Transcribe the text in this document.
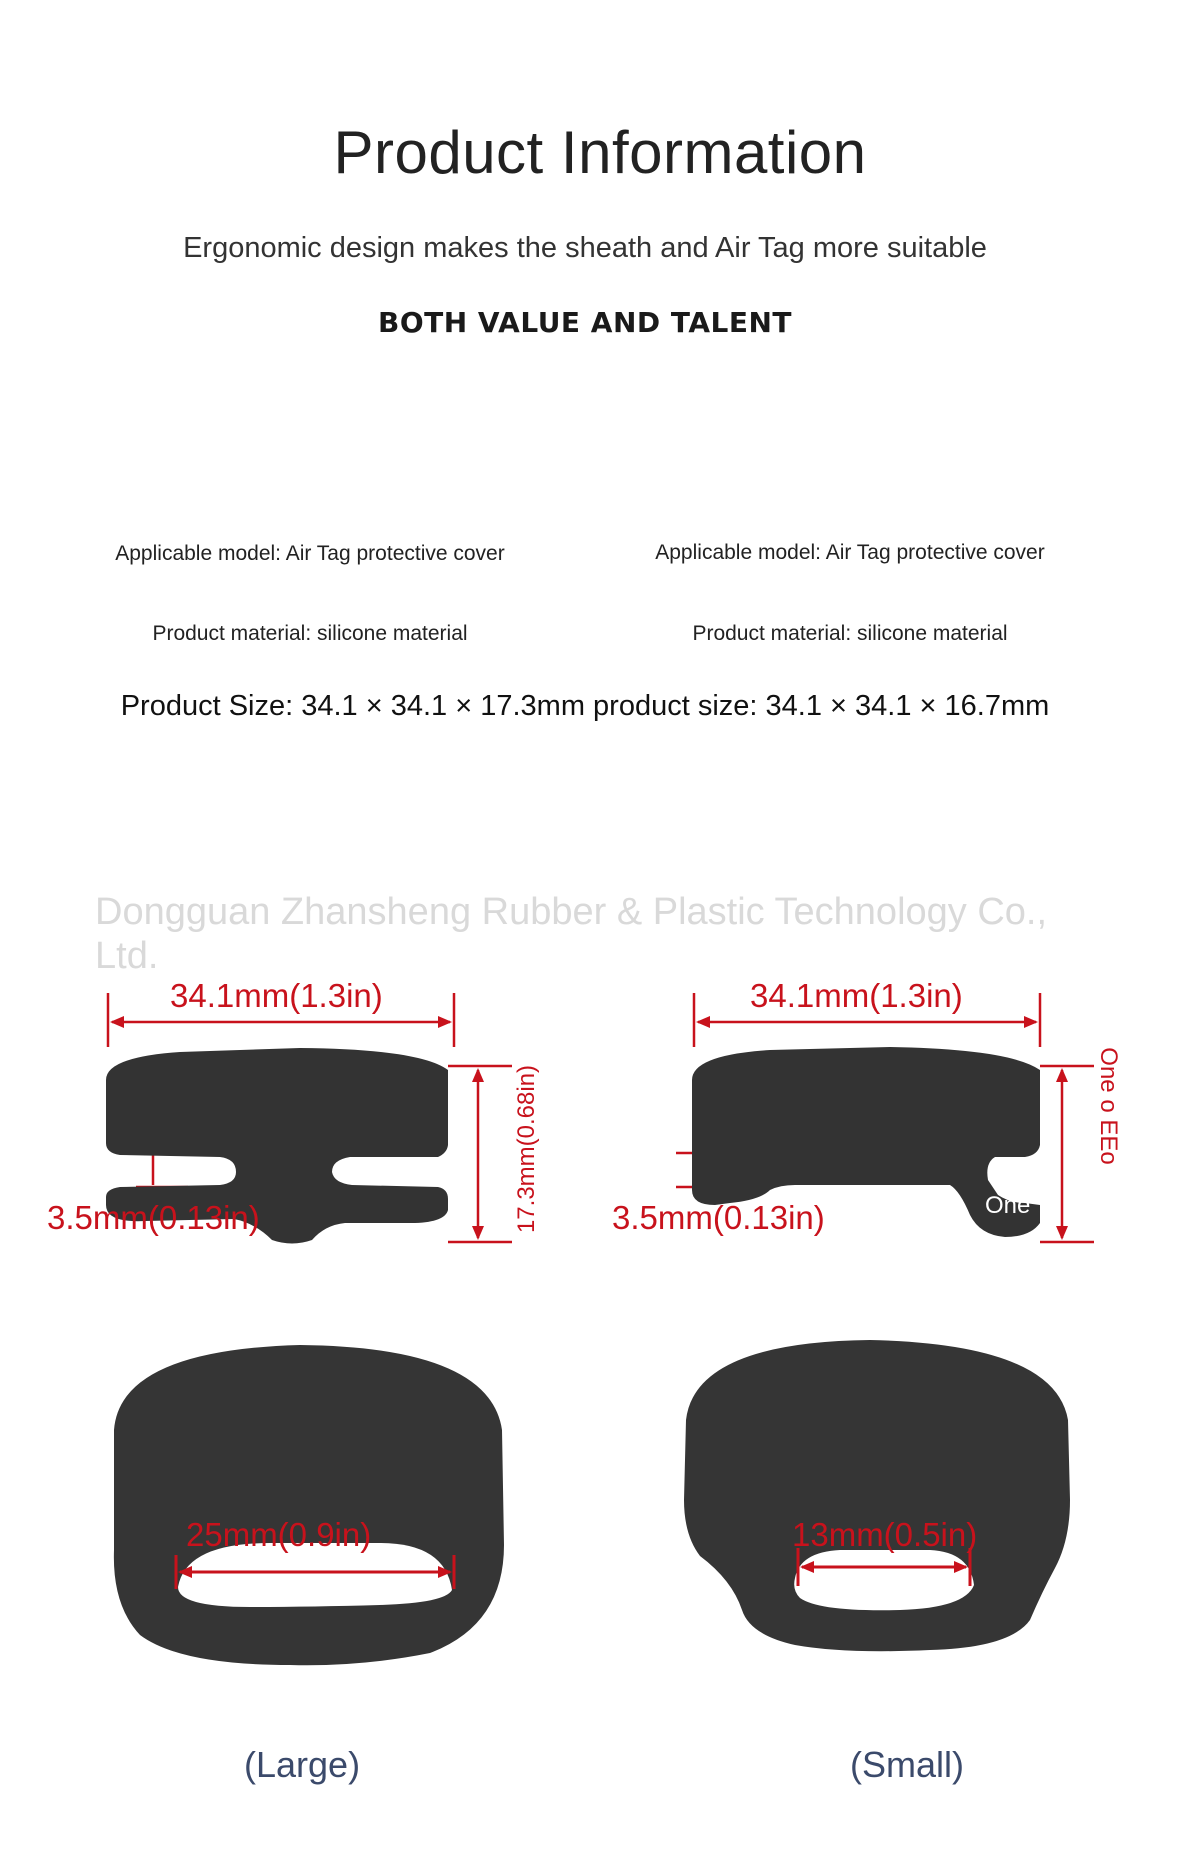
Product Information
Ergonomic design makes the sheath and Air Tag more suitable
BOTH VALUE AND TALENT
Applicable model: Air Tag protective cover	Applicable model: Air Tag protective cover
Product material: silicone material	Product material: silicone material
Product Size: 34.1 × 34.1 × 17.3mm product size: 34.1 × 34.1 × 16.7mm
Dongguan Zhansheng Rubber & Plastic Technology Co., Ltd.
34.1mm(1.3in)
3.5mm(0.13in)	17.3mm(0.68in)
34.1mm(1.3in)
3.5mm(0.13in)	One
One o EEo
25mm(0.9in)
(Large)
13mm(0.5in)
(Small)
